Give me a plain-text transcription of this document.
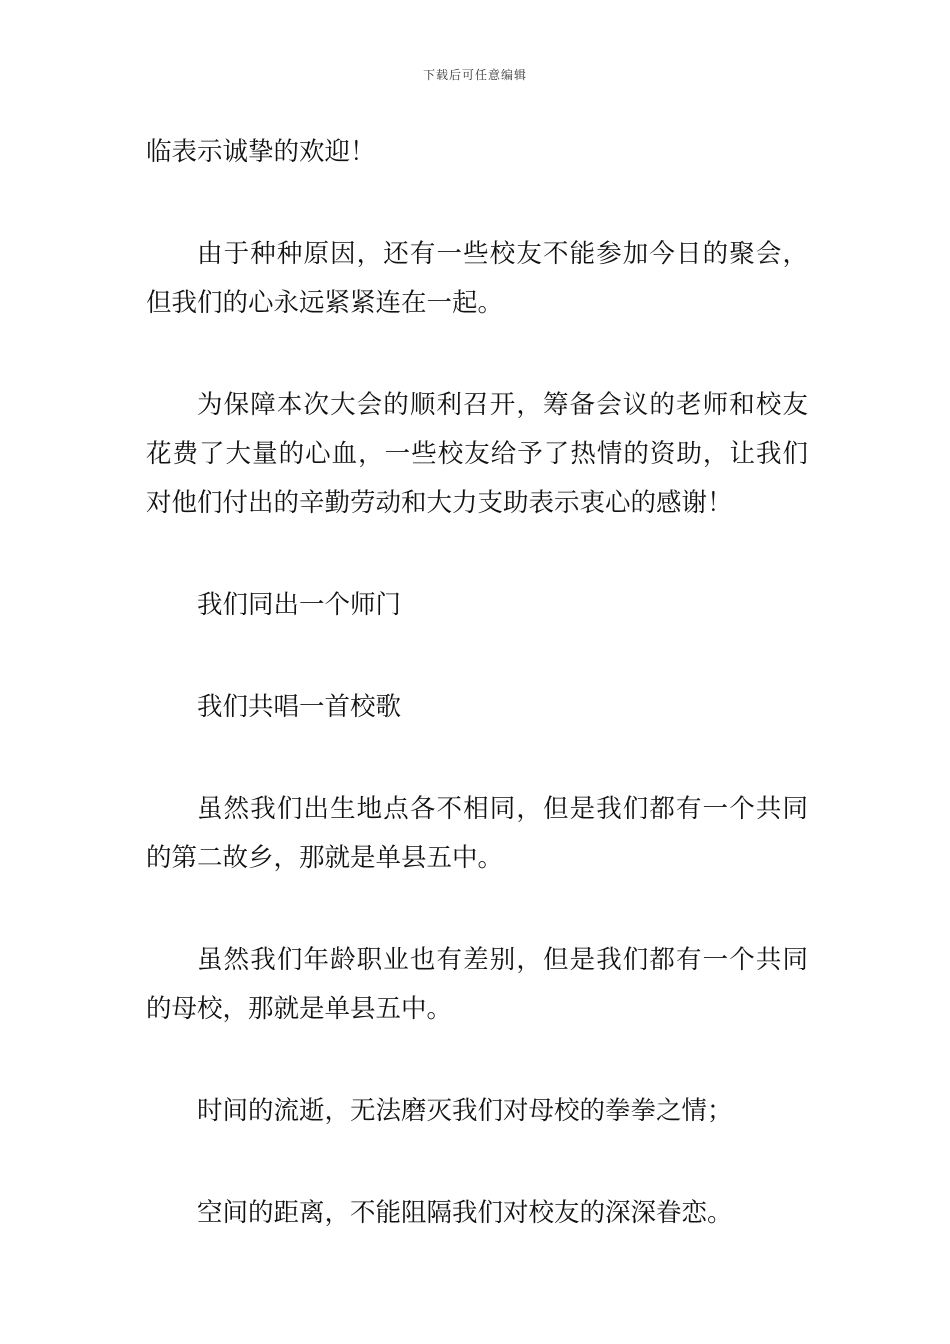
下载后可任意编辑

临表示诚挚的欢迎！

由于种种原因，还有一些校友不能参加今日的聚会，但我们的心永远紧紧连在一起。

为保障本次大会的顺利召开，筹备会议的老师和校友花费了大量的心血，一些校友给予了热情的资助，让我们对他们付出的辛勤劳动和大力支助表示衷心的感谢！

我们同出一个师门

我们共唱一首校歌

虽然我们出生地点各不相同，但是我们都有一个共同的第二故乡，那就是单县五中。

虽然我们年龄职业也有差别，但是我们都有一个共同的母校，那就是单县五中。

时间的流逝，无法磨灭我们对母校的拳拳之情；

空间的距离，不能阻隔我们对校友的深深眷恋。
